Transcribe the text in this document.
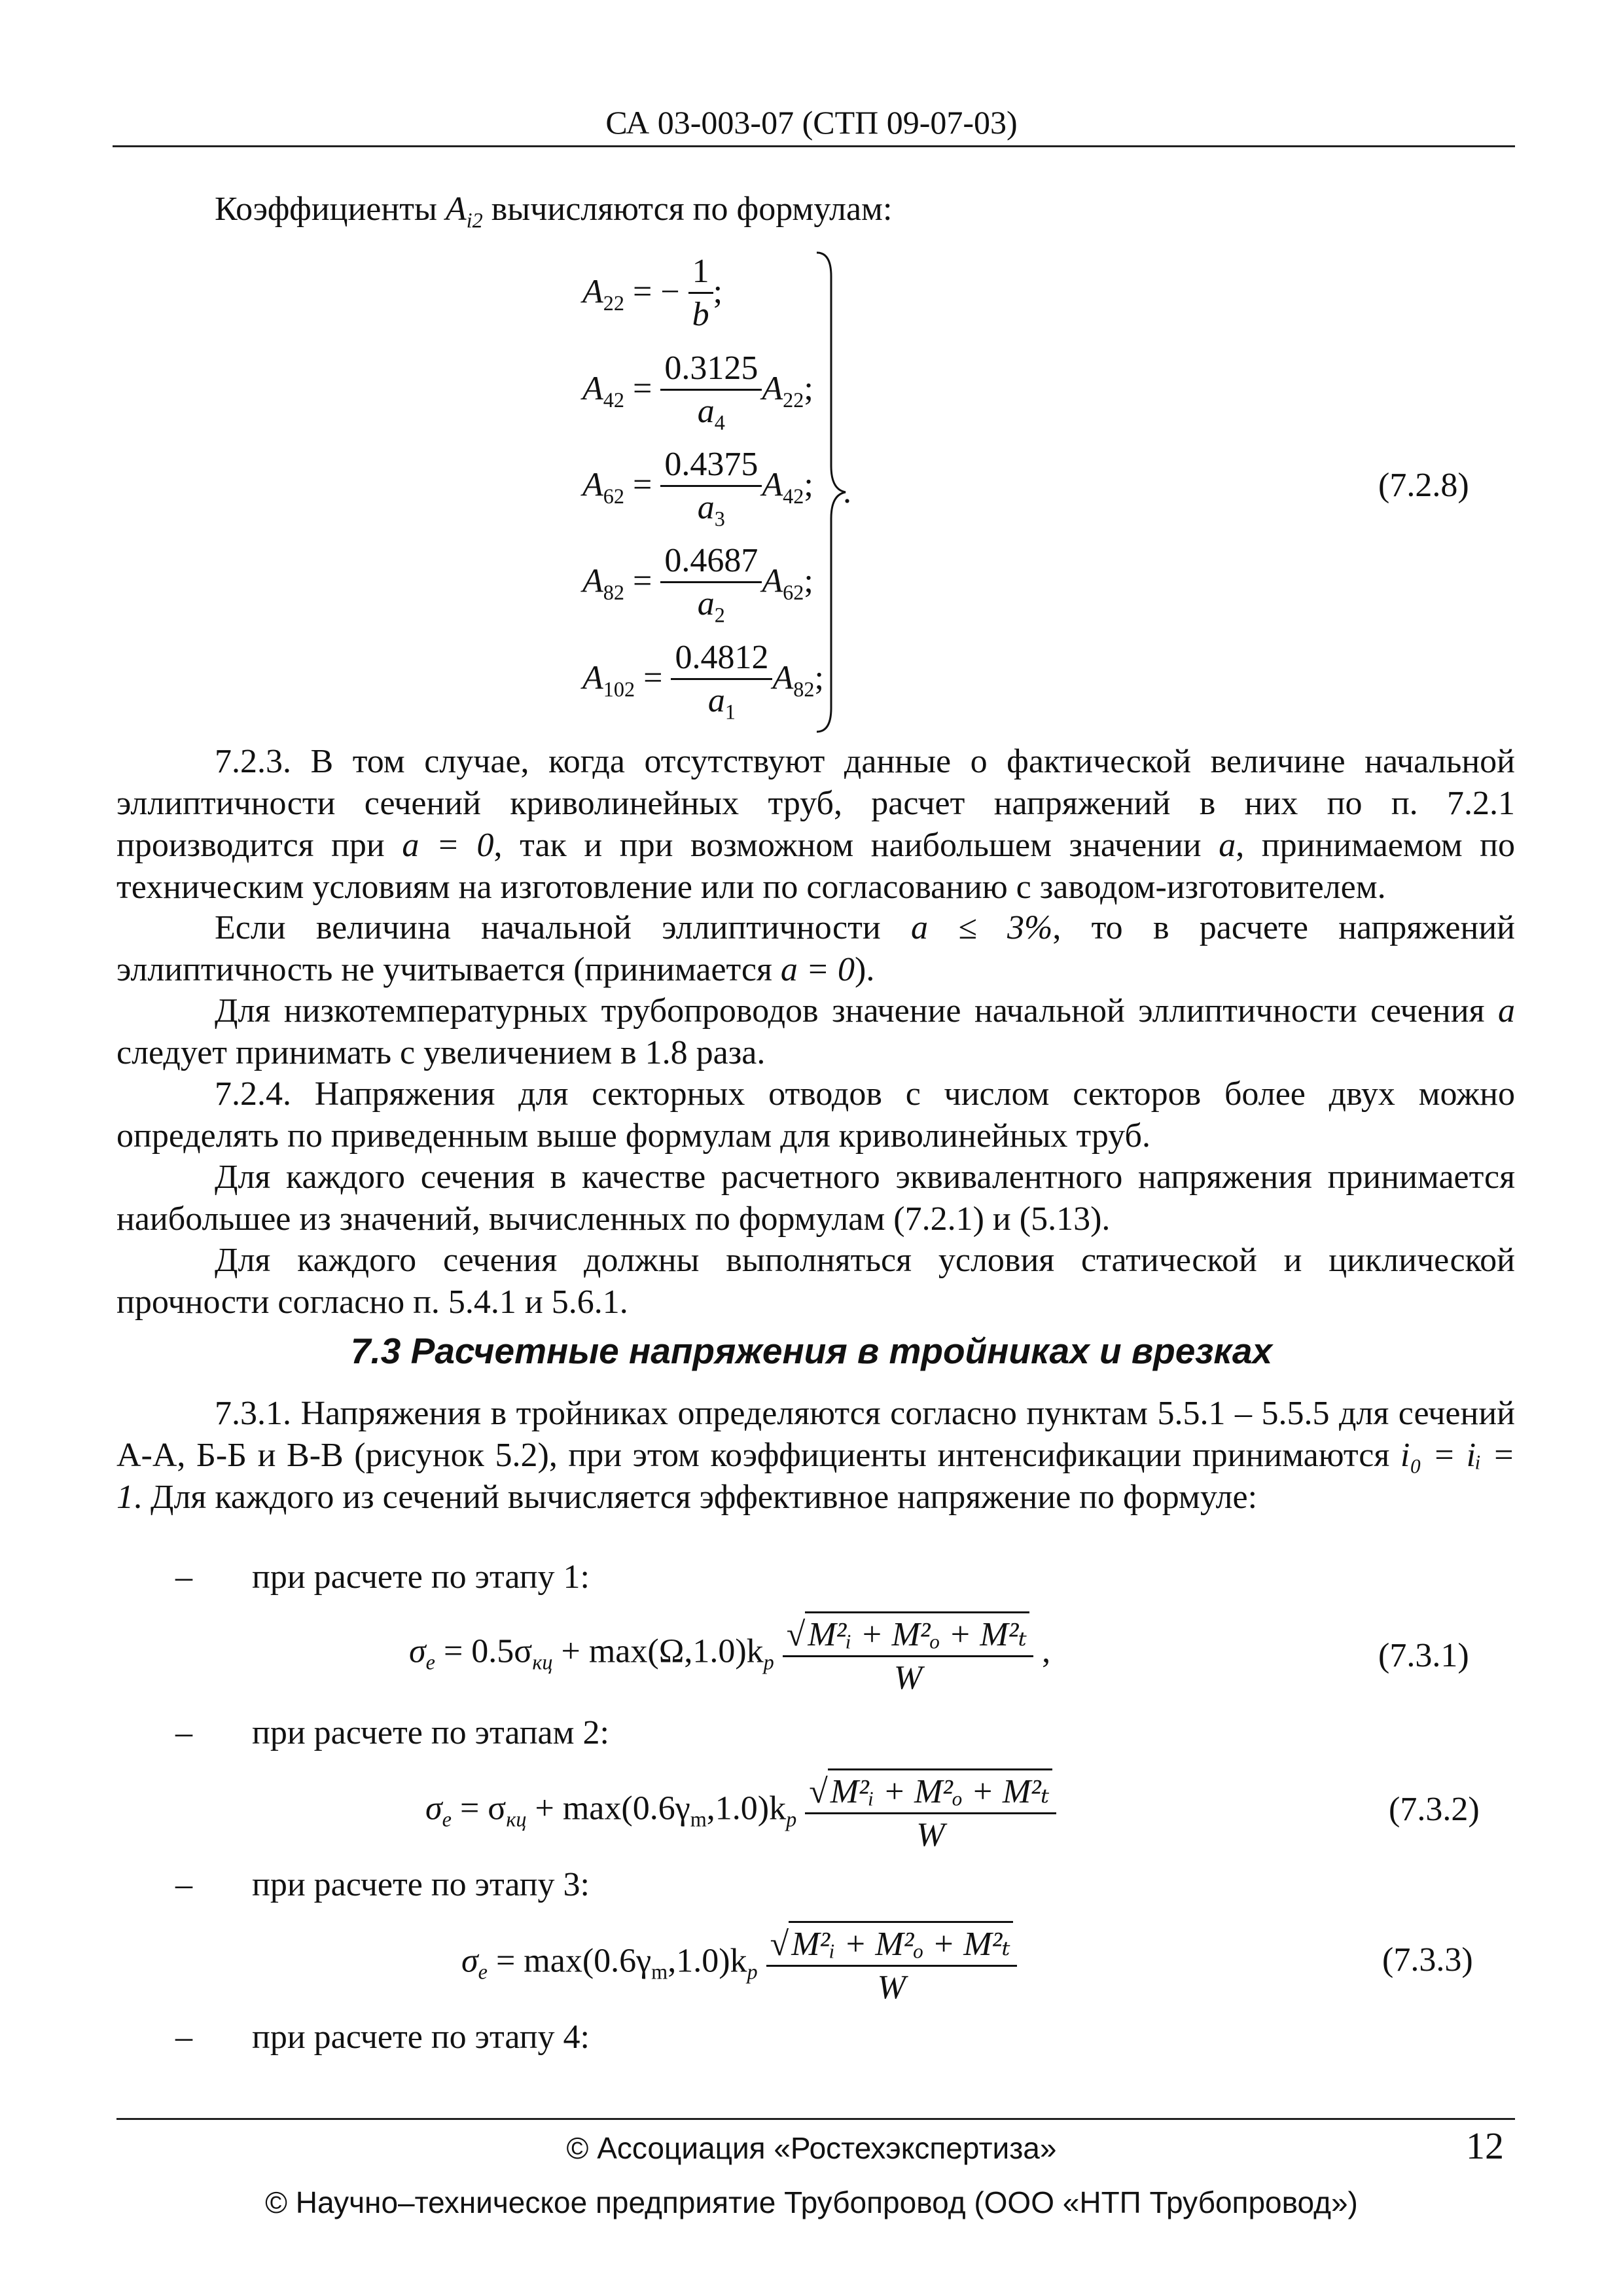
СА 03-003-07 (СТП 09-07-03)
Коэффициенты $A_{i2}$ вычисляются по формулам:
$A_{22}$ = − $\frac{1}{b}$ ;
$A_{42} = \frac{0.3125}{a_4} A_{22}$;
$A_{62} = \frac{0.4375}{a_3} A_{42}$;
$A_{82} = \frac{0.4687}{a_2} A_{62}$;
$A_{102} = \frac{0.4812}{a_1} A_{82}$;
.	(7.2.8)
7.2.3. В том случае, когда отсутствуют данные о фактической величине начальной эллиптичности сечений криволинейных труб, расчет напряжений в них по п. 7.2.1 производится при a = 0, так и при возможном наибольшем значении a, принимаемом по техническим условиям на изготовление или по согласованию с заводом-изготовителем.
Если величина начальной эллиптичности a ≤ 3%, то в расчете напряжений эллиптичность не учитывается (принимается a = 0).
Для низкотемпературных трубопроводов значение начальной эллиптичности сечения a следует принимать с увеличением в 1.8 раза.
7.2.4. Напряжения для секторных отводов с числом секторов более двух можно определять по приведенным выше формулам для криволинейных труб.
Для каждого сечения в качестве расчетного эквивалентного напряжения принимается наибольшее из значений, вычисленных по формулам (7.2.1) и (5.13).
Для каждого сечения должны выполняться условия статической и циклической прочности согласно п. 5.4.1 и 5.6.1.
7.3 Расчетные напряжения в тройниках и врезках
7.3.1. Напряжения в тройниках определяются согласно пунктам 5.5.1 – 5.5.5 для сечений А-А, Б-Б и В-В (рисунок 5.2), при этом коэффициенты интенсификации принимаются i₀ = iᵢ = 1. Для каждого из сечений вычисляется эффективное напряжение по формуле:
– при расчете по этапу 1:
$\sigma_e = 0.5\sigma_{кц} + \max(\Omega,1.0)k_p \frac{\text{√M²ᵢ + M²ₒ + M²ₜ}}{W}$ ,	(7.3.1)
– при расчете по этапам 2:
$\sigma_e = \sigma_{кц} + \max(0.6\gamma_m,1.0)k_p \frac{\text{√M²ᵢ + M²ₒ + M²ₜ}}{W}$	(7.3.2)
– при расчете по этапу 3:
$\sigma_e = \max(0.6\gamma_m,1.0)k_p \frac{\text{√M²ᵢ + M²ₒ + M²ₜ}}{W}$	(7.3.3)
– при расчете по этапу 4:
© Ассоциация «Ростехэкспертиза»	12
© Научно–техническое предприятие Трубопровод (ООО «НТП Трубопровод»)
